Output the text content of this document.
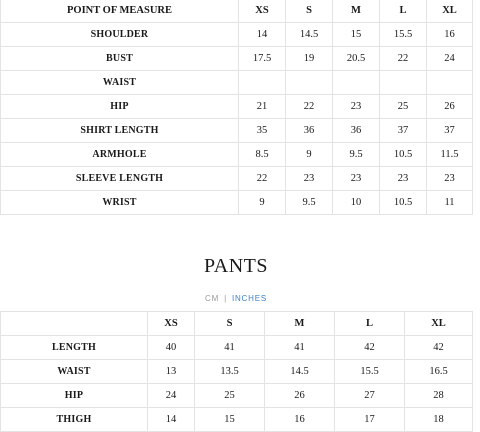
POINT OF MEASURE	XS	S	M	L	XL
SHOULDER	14	14.5	15	15.5	16
BUST	17.5	19	20.5	22	24
WAIST					
HIP	21	22	23	25	26
SHIRT LENGTH	35	36	36	37	37
ARMHOLE	8.5	9	9.5	10.5	11.5
SLEEVE LENGTH	22	23	23	23	23
WRIST	9	9.5	10	10.5	11
PANTS
CM | INCHES
	XS	S	M	L	XL
LENGTH	40	41	41	42	42
WAIST	13	13.5	14.5	15.5	16.5
HIP	24	25	26	27	28
THIGH	14	15	16	17	18
